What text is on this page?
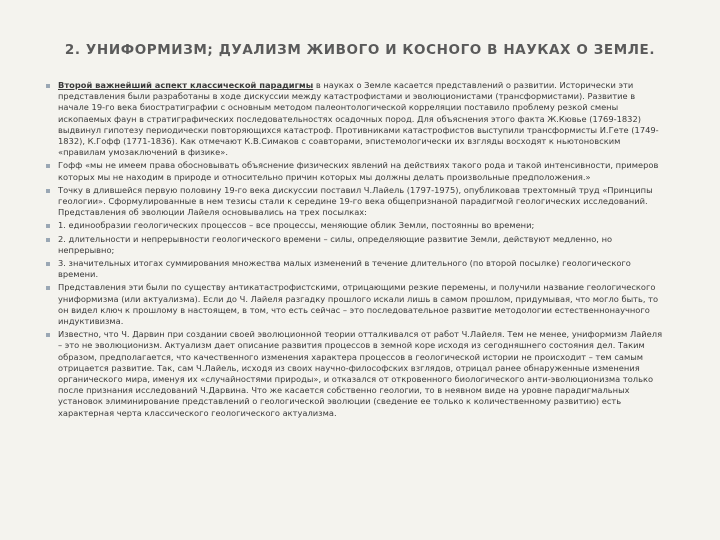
2. УНИФОРМИЗМ; ДУАЛИЗМ ЖИВОГО И КОСНОГО В НАУКАХ О ЗЕМЛЕ.
Второй важнейший аспект классической парадигмы в науках о Земле касается представлений о развитии. Исторически эти представления были разработаны в ходе дискуссии между катастрофистами и эволюционистами (трансформистами). Развитие в начале 19-го века биостратиграфии с основным методом палеонтологической корреляции поставило проблему резкой смены ископаемых фаун в стратиграфических последовательностях осадочных пород. Для объяснения этого факта Ж.Кювье (1769-1832) выдвинул гипотезу периодически повторяющихся катастроф. Противниками катастрофистов выступили трансформисты И.Гете (1749-1832), К.Гофф (1771-1836). Как отмечают К.В.Симаков с соавторами, эпистемологически их взгляды восходят к ньютоновским «правилам умозаключений в физике».
Гофф «мы не имеем права обосновывать объяснение физических явлений на действиях такого рода и такой интенсивности, примеров которых мы не находим в природе и относительно причин которых мы должны делать произвольные предположения.»
Точку в длившейся первую половину 19-го века дискуссии поставил Ч.Лайель (1797-1975), опубликовав трехтомный труд «Принципы геологии». Сформулированные в нем тезисы стали к середине 19-го века общепризнаной парадигмой геологических исследований. Представления об эволюции Лайеля основывались на трех посылках:
1. единообразии геологических процессов – все процессы, меняющие облик Земли, постоянны во времени;
2. длительности и непрерывности геологического времени – силы, определяющие развитие Земли, действуют медленно, но непрерывно;
3. значительных итогах суммирования множества малых изменений в течение длительного (по второй посылке) геологического времени.
Представления эти были по существу антикатастрофистскими, отрицающими резкие перемены, и получили название геологического униформизма (или актуализма). Если до Ч. Лайеля разгадку прошлого искали лишь в самом прошлом, придумывая, что могло быть, то он видел ключ к прошлому в настоящем, в том, что есть сейчас – это последовательное развитие методологии естественнонаучного индуктивизма.
Известно, что Ч. Дарвин при создании своей эволюционной теории отталкивался от работ Ч.Лайеля. Тем не менее, униформизм Лайеля – это не эволюционизм. Актуализм дает описание развития процессов в земной коре исходя из сегодняшнего состояния дел. Таким образом, предполагается, что качественного изменения характера процессов в геологической истории не происходит – тем самым отрицается развитие. Так, сам Ч.Лайель, исходя из своих научно-философских взглядов, отрицал ранее обнаруженные изменения органического мира, именуя их «случайностями природы», и отказался от откровенного биологического анти-эволюционизма только после признания исследований Ч.Дарвина. Что же касается собственно геологии, то в неявном виде на уровне парадигмальных установок элиминирование представлений о геологической эволюции (сведение ее только к количественному развитию) есть характерная черта классического геологического актуализма.
